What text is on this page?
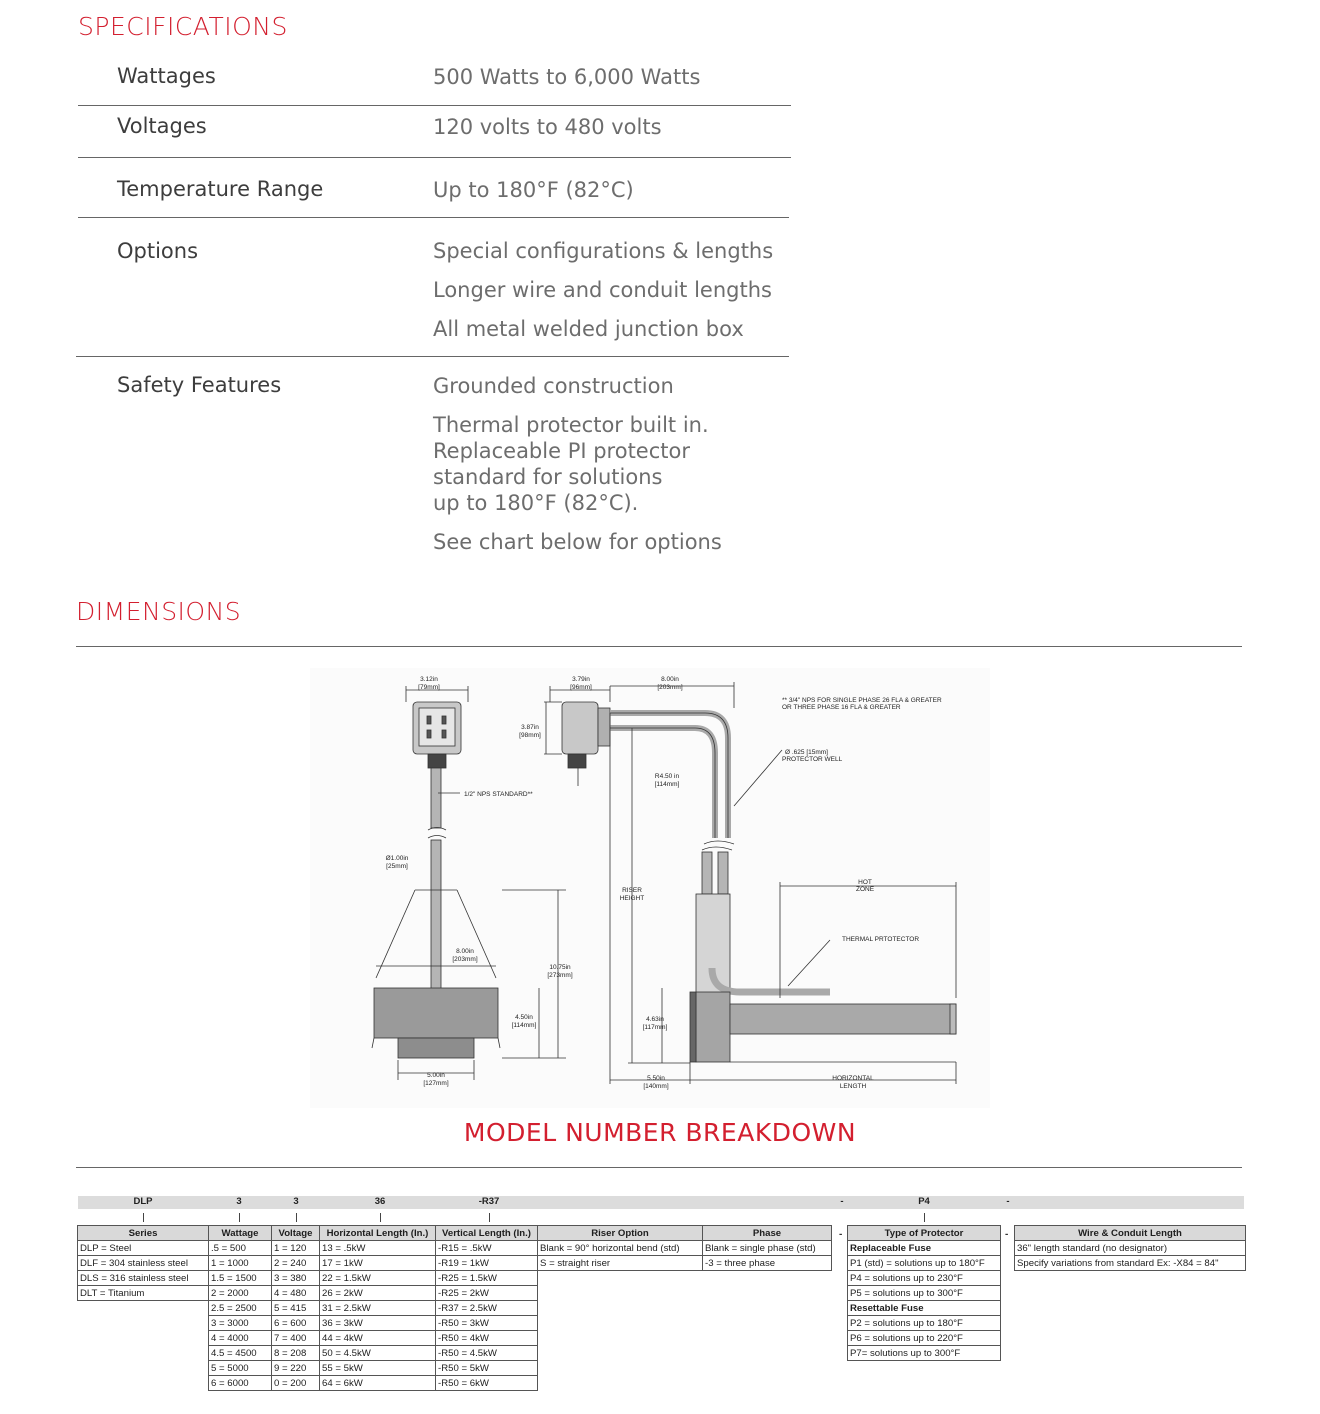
SPECIFICATIONS
Wattages	500 Watts to 6,000 Watts
Voltages	120 volts to 480 volts
Temperature Range	Up to 180°F (82°C)
Options	Special configurations & lengths
Longer wire and conduit lengths
All metal welded junction box
Safety Features	Grounded construction
Thermal protector built in.
Replaceable PI protector
standard for solutions
up to 180°F (82°C).
See chart below for options
DIMENSIONS
3.12in
[79mm]
3.79in
[96mm]
8.00in
[203mm]
3.87in
[98mm]
** 3/4" NPS FOR SINGLE PHASE 26 FLA & GREATER
OR THREE PHASE 16 FLA & GREATER
Ø .625 [15mm]
PROTECTOR WELL
1/2" NPS STANDARD**
R4.50 in
[114mm]
Ø1.00in
[25mm]
RISER
HEIGHT
HOT
ZONE
THERMAL PRTOTECTOR
8.00in
[203mm]
10.75in
[273mm]
4.50in
[114mm]
5.00in
[127mm]
4.63in
[117mm]
5.50in
[140mm]
HORIZONTAL
LENGTH
MODEL NUMBER BREAKDOWN
DLP	3	3	36	-R37	-	P4	-
Series	Wattage	Voltage	Horizontal Length (In.)	Vertical Length (In.)	Riser Option	Phase
DLP = Steel	.5 = 500	1 = 120	13 = .5kW	-R15 = .5kW	Blank = 90° horizontal bend (std)	Blank = single phase (std)
DLF = 304 stainless steel	1 = 1000	2 = 240	17 = 1kW	-R19 = 1kW	S = straight riser	-3 = three phase
DLS = 316 stainless steel	1.5 = 1500	3 = 380	22 = 1.5kW	-R25 = 1.5kW		
DLT = Titanium	2 = 2000	4 = 480	26 = 2kW	-R25 = 2kW		
	2.5 = 2500	5 = 415	31 = 2.5kW	-R37 = 2.5kW		
	3 = 3000	6 = 600	36 = 3kW	-R50 = 3kW		
	4 = 4000	7 = 400	44 = 4kW	-R50 = 4kW		
	4.5 = 4500	8 = 208	50 = 4.5kW	-R50 = 4.5kW		
	5 = 5000	9 = 220	55 = 5kW	-R50 = 5kW		
	6 = 6000	0 = 200	64 = 6kW	-R50 = 6kW		
-	Type of Protector
Replaceable Fuse
P1 (std) = solutions up to 180°F
P4 = solutions up to 230°F
P5 = solutions up to 300°F
Resettable Fuse
P2 = solutions up to 180°F
P6 = solutions up to 220°F
P7= solutions up to 300°F
-	Wire & Conduit Length
36" length standard (no designator)
Specify variations from standard Ex: -X84 = 84"
